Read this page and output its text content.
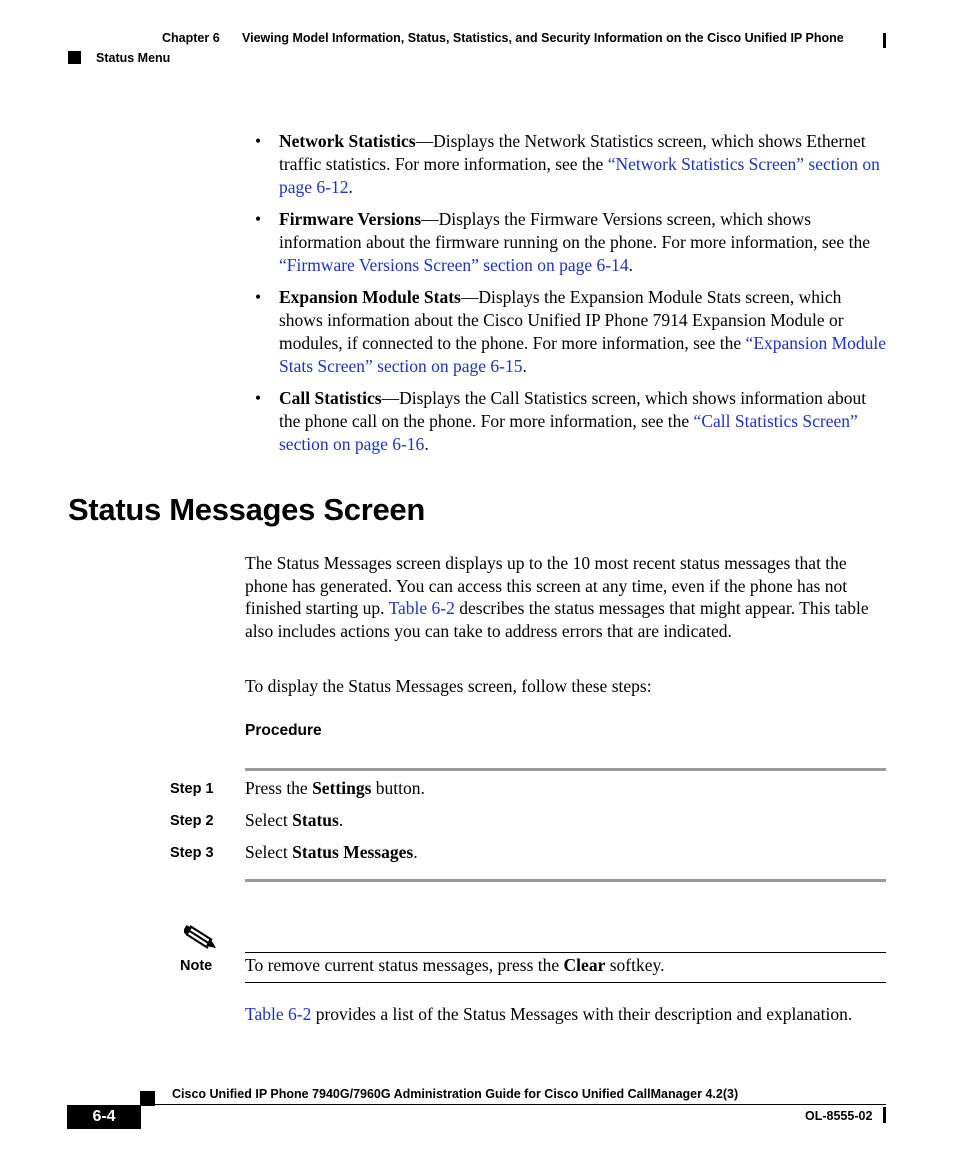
Chapter 6 Viewing Model Information, Status, Statistics, and Security Information on the Cisco Unified IP Phone
Status Menu
• Network Statistics—Displays the Network Statistics screen, which shows Ethernet traffic statistics. For more information, see the “Network Statistics Screen” section on page 6-12.
• Firmware Versions—Displays the Firmware Versions screen, which shows information about the firmware running on the phone. For more information, see the “Firmware Versions Screen” section on page 6-14.
• Expansion Module Stats—Displays the Expansion Module Stats screen, which shows information about the Cisco Unified IP Phone 7914 Expansion Module or modules, if connected to the phone. For more information, see the “Expansion Module Stats Screen” section on page 6-15.
• Call Statistics—Displays the Call Statistics screen, which shows information about the phone call on the phone. For more information, see the “Call Statistics Screen” section on page 6-16.
Status Messages Screen
The Status Messages screen displays up to the 10 most recent status messages that the phone has generated. You can access this screen at any time, even if the phone has not finished starting up. Table 6-2 describes the status messages that might appear. This table also includes actions you can take to address errors that are indicated.
To display the Status Messages screen, follow these steps:
Procedure
Step 1 Press the Settings button.
Step 2 Select Status.
Step 3 Select Status Messages.
Note To remove current status messages, press the Clear softkey.
Table 6-2 provides a list of the Status Messages with their description and explanation.
Cisco Unified IP Phone 7940G/7960G Administration Guide for Cisco Unified CallManager 4.2(3)
6-4	OL-8555-02
